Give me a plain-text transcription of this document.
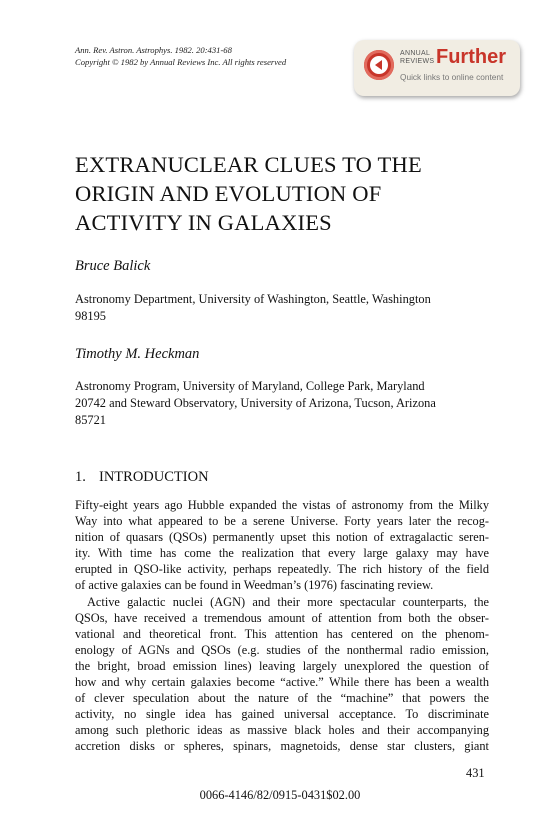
Ann. Rev. Astron. Astrophys. 1982. 20:431-68
Copyright © 1982 by Annual Reviews Inc. All rights reserved
ANNUAL
REVIEWS Further
Quick links to online content
EXTRANUCLEAR CLUES TO THE
ORIGIN AND EVOLUTION OF
ACTIVITY IN GALAXIES
Bruce Balick
Astronomy Department, University of Washington, Seattle, Washington
98195
Timothy M. Heckman
Astronomy Program, University of Maryland, College Park, Maryland
20742 and Steward Observatory, University of Arizona, Tucson, Arizona
85721
1. INTRODUCTION
Fifty-eight years ago Hubble expanded the vistas of astronomy from the Milky
Way into what appeared to be a serene Universe. Forty years later the recog-
nition of quasars (QSOs) permanently upset this notion of extragalactic seren-
ity. With time has come the realization that every large galaxy may have
erupted in QSO-like activity, perhaps repeatedly. The rich history of the field
of active galaxies can be found in Weedman’s (1976) fascinating review.
Active galactic nuclei (AGN) and their more spectacular counterparts, the
QSOs, have received a tremendous amount of attention from both the obser-
vational and theoretical front. This attention has centered on the phenom-
enology of AGNs and QSOs (e.g. studies of the nonthermal radio emission,
the bright, broad emission lines) leaving largely unexplored the question of
how and why certain galaxies become “active.” While there has been a wealth
of clever speculation about the nature of the “machine” that powers the
activity, no single idea has gained universal acceptance. To discriminate
among such plethoric ideas as massive black holes and their accompanying
accretion disks or spheres, spinars, magnetoids, dense star clusters, giant
431
0066-4146/82/0915-0431$02.00
